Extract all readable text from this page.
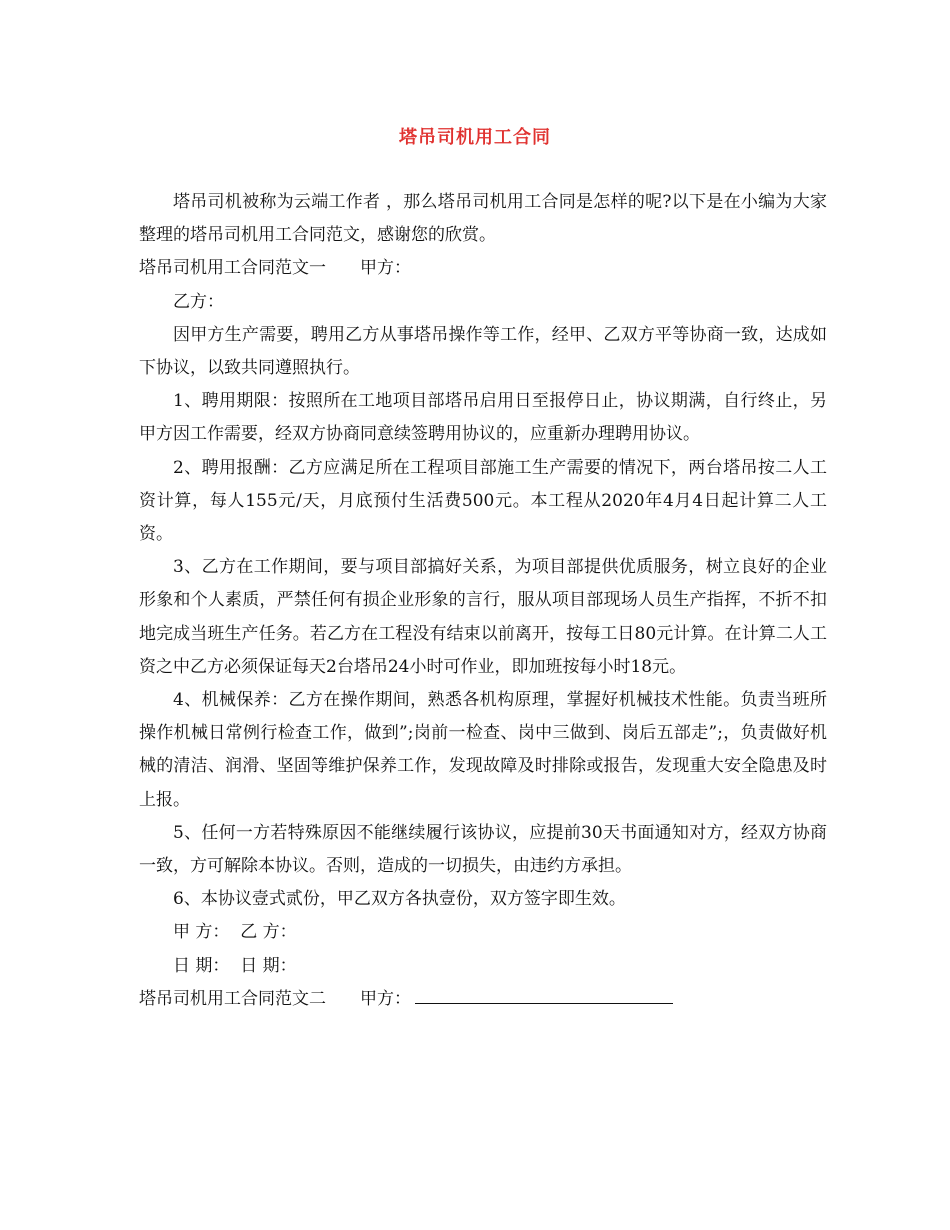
塔吊司机用工合同

塔吊司机被称为云端工作者 ，那么塔吊司机用工合同是怎样的呢?以下是在小编为大家整理的塔吊司机用工合同范文，感谢您的欣赏。

塔吊司机用工合同范文一 甲方：

乙方：

因甲方生产需要，聘用乙方从事塔吊操作等工作，经甲、乙双方平等协商一致，达成如下协议，以致共同遵照执行。

1、聘用期限：按照所在工地项目部塔吊启用日至报停日止，协议期满，自行终止，另甲方因工作需要，经双方协商同意续签聘用协议的，应重新办理聘用协议。

2、聘用报酬：乙方应满足所在工程项目部施工生产需要的情况下，两台塔吊按二人工资计算，每人155元/天，月底预付生活费500元。本工程从2020年4月4日起计算二人工资。

3、乙方在工作期间，要与项目部搞好关系，为项目部提供优质服务，树立良好的企业形象和个人素质，严禁任何有损企业形象的言行，服从项目部现场人员生产指挥，不折不扣地完成当班生产任务。若乙方在工程没有结束以前离开，按每工日80元计算。在计算二人工资之中乙方必须保证每天2台塔吊24小时可作业，即加班按每小时18元。

4、机械保养：乙方在操作期间，熟悉各机构原理，掌握好机械技术性能。负责当班所操作机械日常例行检查工作，做到”;岗前一检查、岗中三做到、岗后五部走”;，负责做好机械的清洁、润滑、坚固等维护保养工作，发现故障及时排除或报告，发现重大安全隐患及时上报。

5、任何一方若特殊原因不能继续履行该协议，应提前30天书面通知对方，经双方协商一致，方可解除本协议。否则，造成的一切损失，由违约方承担。

6、本协议壹式贰份，甲乙双方各执壹份，双方签字即生效。

甲 方：  乙 方：

日 期：  日 期：

塔吊司机用工合同范文二 甲方：
